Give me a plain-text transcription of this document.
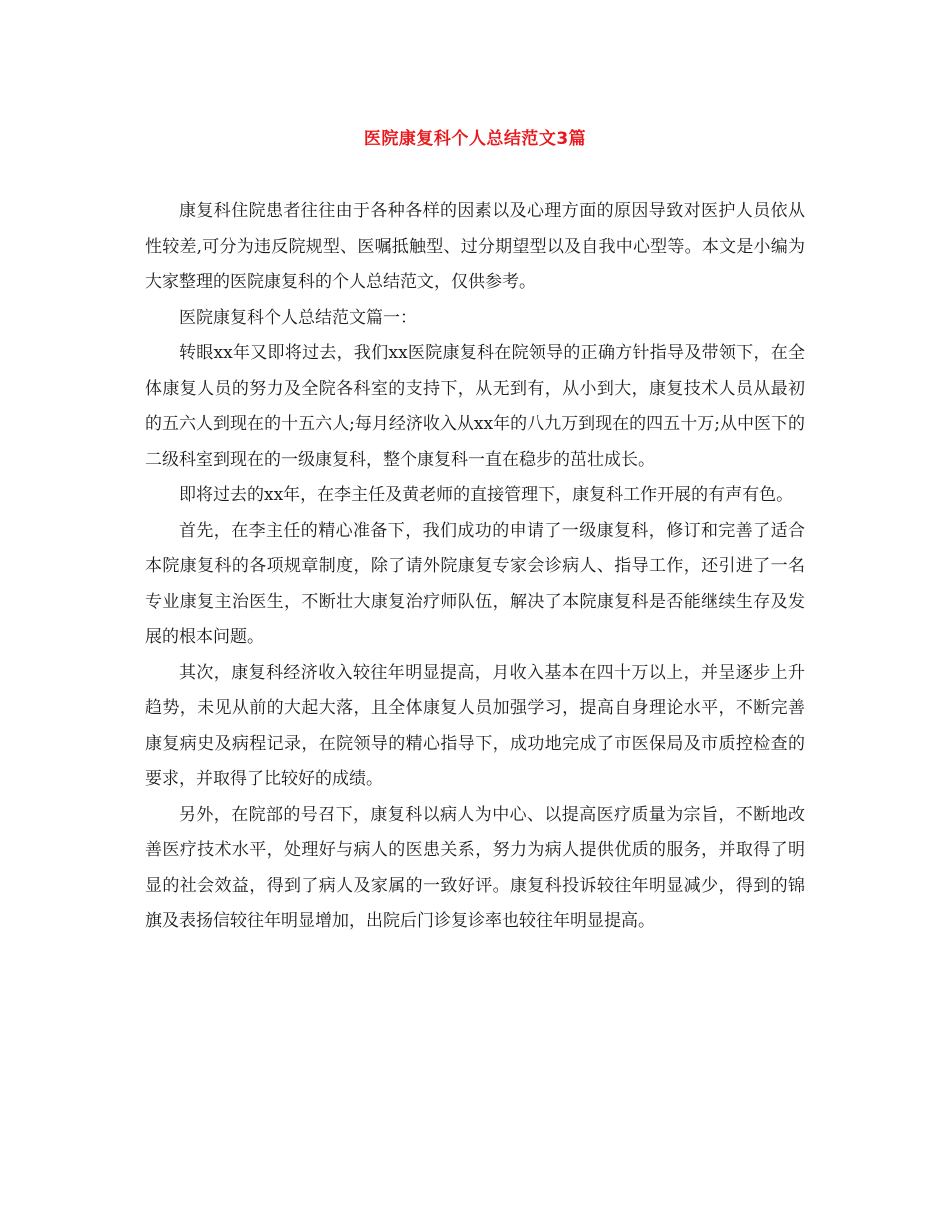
医院康复科个人总结范文3篇

康复科住院患者往往由于各种各样的因素以及心理方面的原因导致对医护人员依从性较差,可分为违反院规型、医嘱抵触型、过分期望型以及自我中心型等。本文是小编为大家整理的医院康复科的个人总结范文，仅供参考。

医院康复科个人总结范文篇一：

转眼xx年又即将过去，我们xx医院康复科在院领导的正确方针指导及带领下，在全体康复人员的努力及全院各科室的支持下，从无到有，从小到大，康复技术人员从最初的五六人到现在的十五六人;每月经济收入从xx年的八九万到现在的四五十万;从中医下的二级科室到现在的一级康复科，整个康复科一直在稳步的茁壮成长。

即将过去的xx年，在李主任及黄老师的直接管理下，康复科工作开展的有声有色。

首先，在李主任的精心准备下，我们成功的申请了一级康复科，修订和完善了适合本院康复科的各项规章制度，除了请外院康复专家会诊病人、指导工作，还引进了一名专业康复主治医生，不断壮大康复治疗师队伍，解决了本院康复科是否能继续生存及发展的根本问题。

其次，康复科经济收入较往年明显提高，月收入基本在四十万以上，并呈逐步上升趋势，未见从前的大起大落，且全体康复人员加强学习，提高自身理论水平，不断完善康复病史及病程记录，在院领导的精心指导下，成功地完成了市医保局及市质控检查的要求，并取得了比较好的成绩。

另外，在院部的号召下，康复科以病人为中心、以提高医疗质量为宗旨，不断地改善医疗技术水平，处理好与病人的医患关系，努力为病人提供优质的服务，并取得了明显的社会效益，得到了病人及家属的一致好评。康复科投诉较往年明显减少，得到的锦旗及表扬信较往年明显增加，出院后门诊复诊率也较往年明显提高。
